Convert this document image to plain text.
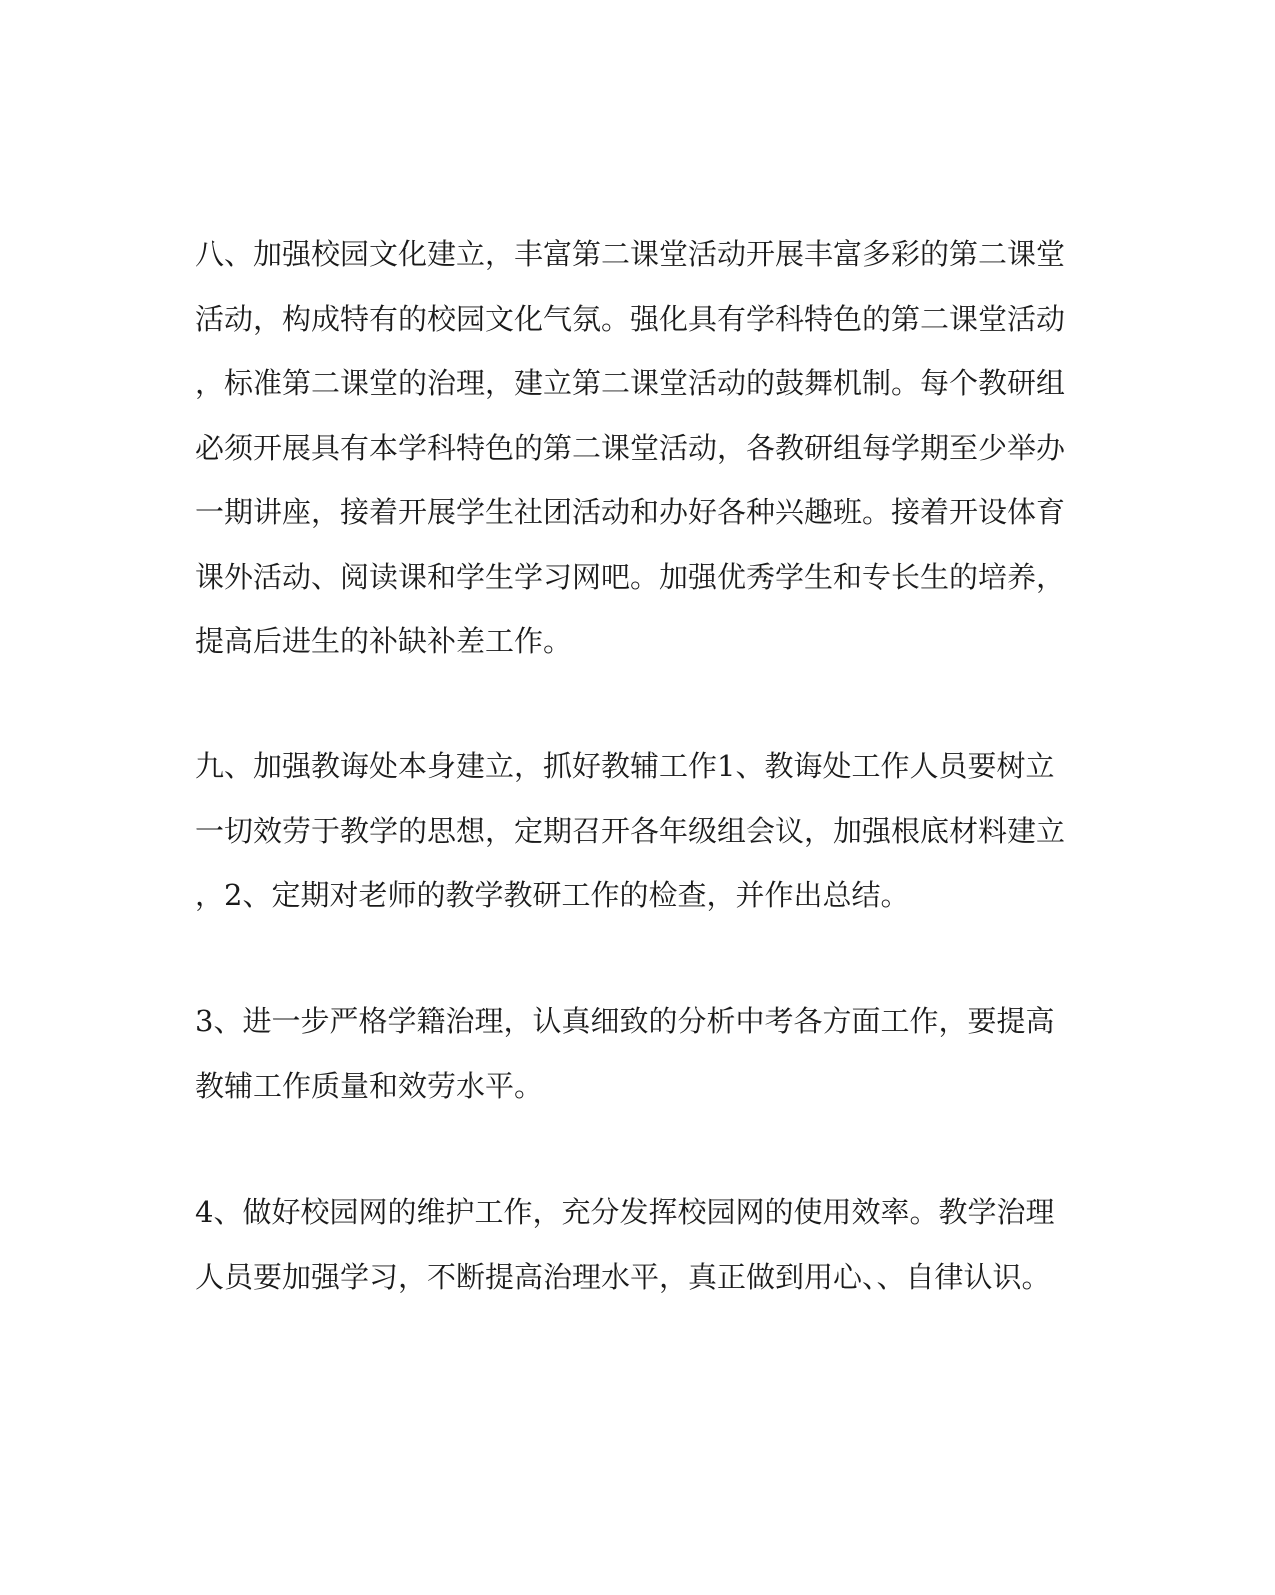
八、加强校园文化建立，丰富第二课堂活动开展丰富多彩的第二课堂
活动，构成特有的校园文化气氛。强化具有学科特色的第二课堂活动
，标准第二课堂的治理，建立第二课堂活动的鼓舞机制。每个教研组
必须开展具有本学科特色的第二课堂活动，各教研组每学期至少举办
一期讲座，接着开展学生社团活动和办好各种兴趣班。接着开设体育
课外活动、阅读课和学生学习网吧。加强优秀学生和专长生的培养，
提高后进生的补缺补差工作。
九、加强教诲处本身建立，抓好教辅工作1、教诲处工作人员要树立
一切效劳于教学的思想，定期召开各年级组会议，加强根底材料建立
，2、定期对老师的教学教研工作的检查，并作出总结。
3、进一步严格学籍治理，认真细致的分析中考各方面工作，要提高
教辅工作质量和效劳水平。
4、做好校园网的维护工作，充分发挥校园网的使用效率。教学治理
人员要加强学习，不断提高治理水平，真正做到用心、、自律认识。
